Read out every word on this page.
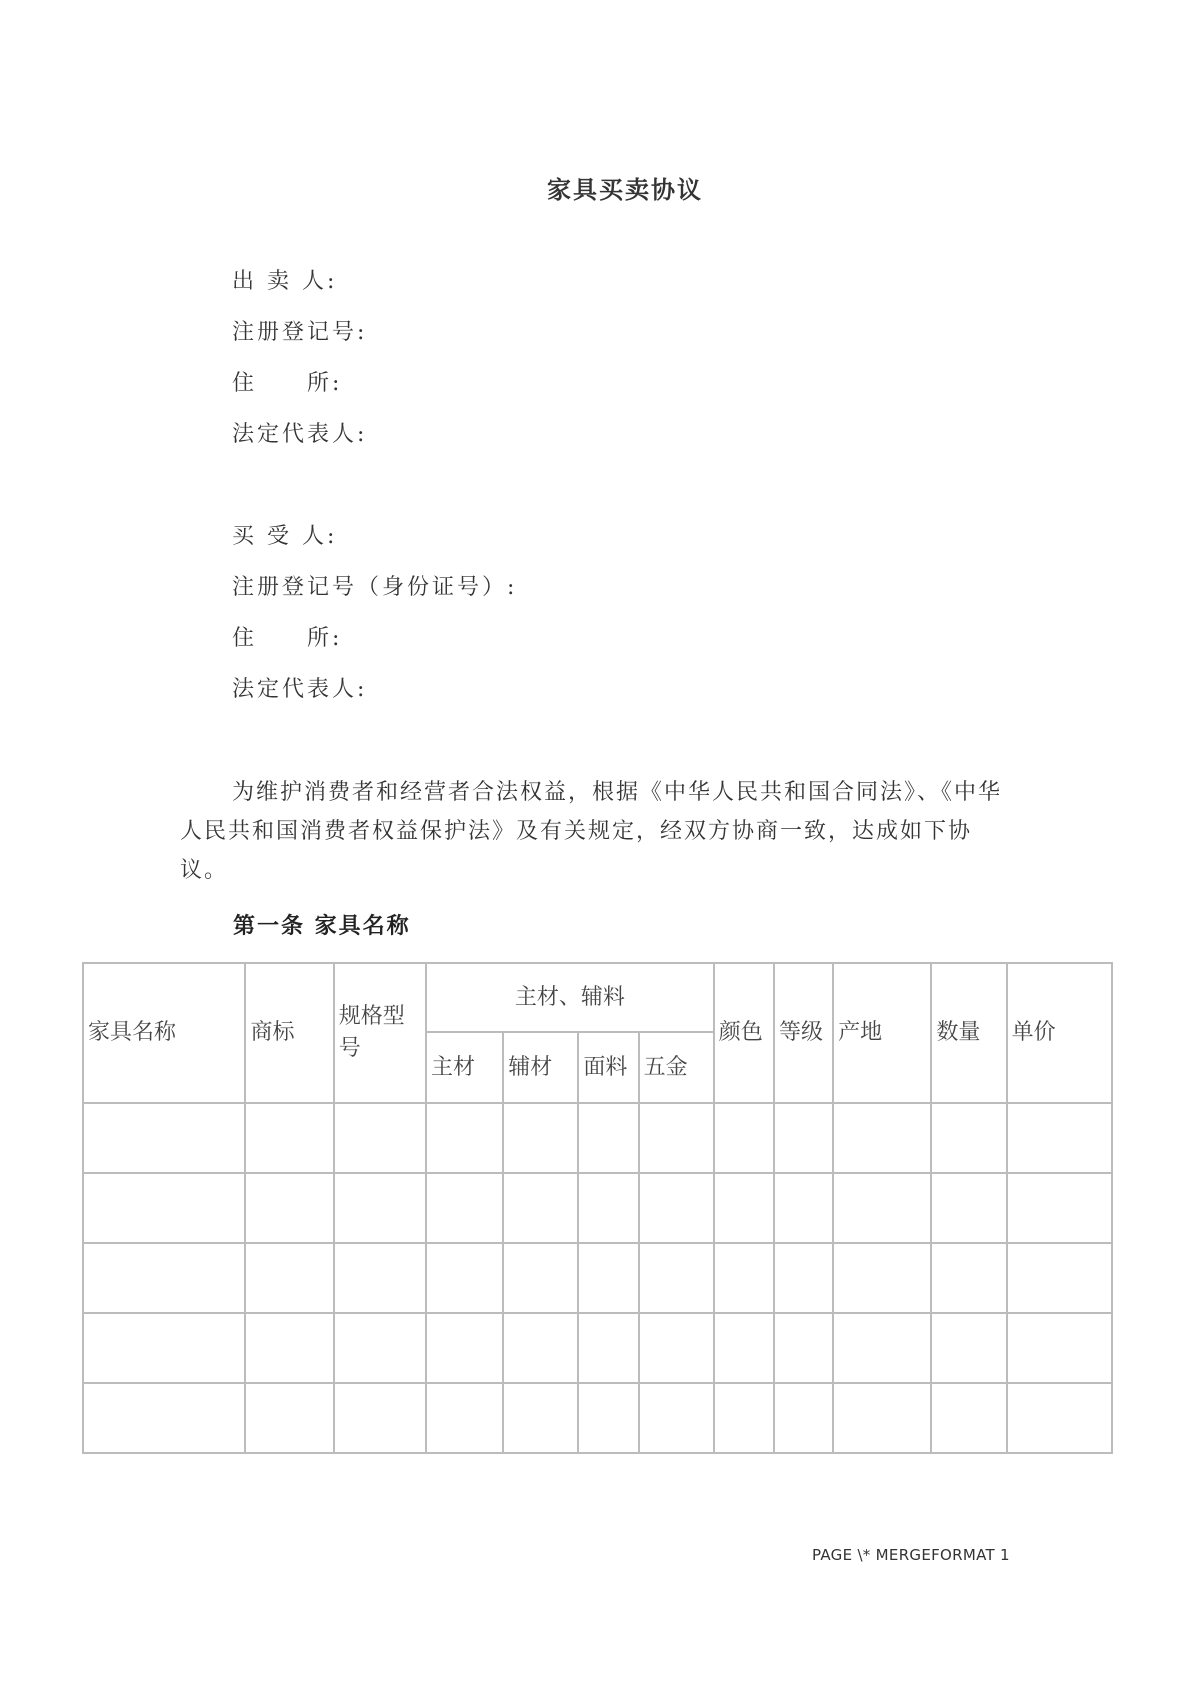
家具买卖协议
出 卖 人:
注册登记号:
住　　所:
法定代表人:
买 受 人:
注册登记号（身份证号）:
住　　所:
法定代表人:

为维护消费者和经营者合法权益，根据《中华人民共和国合同法》、《中华人民共和国消费者权益保护法》及有关规定，经双方协商一致，达成如下协议。

第一条 家具名称
家具名称	商标	规格型号	主材、辅料				颜色	等级	产地	数量	单价
			主材	辅材	面料	五金					

PAGE \* MERGEFORMAT 1
